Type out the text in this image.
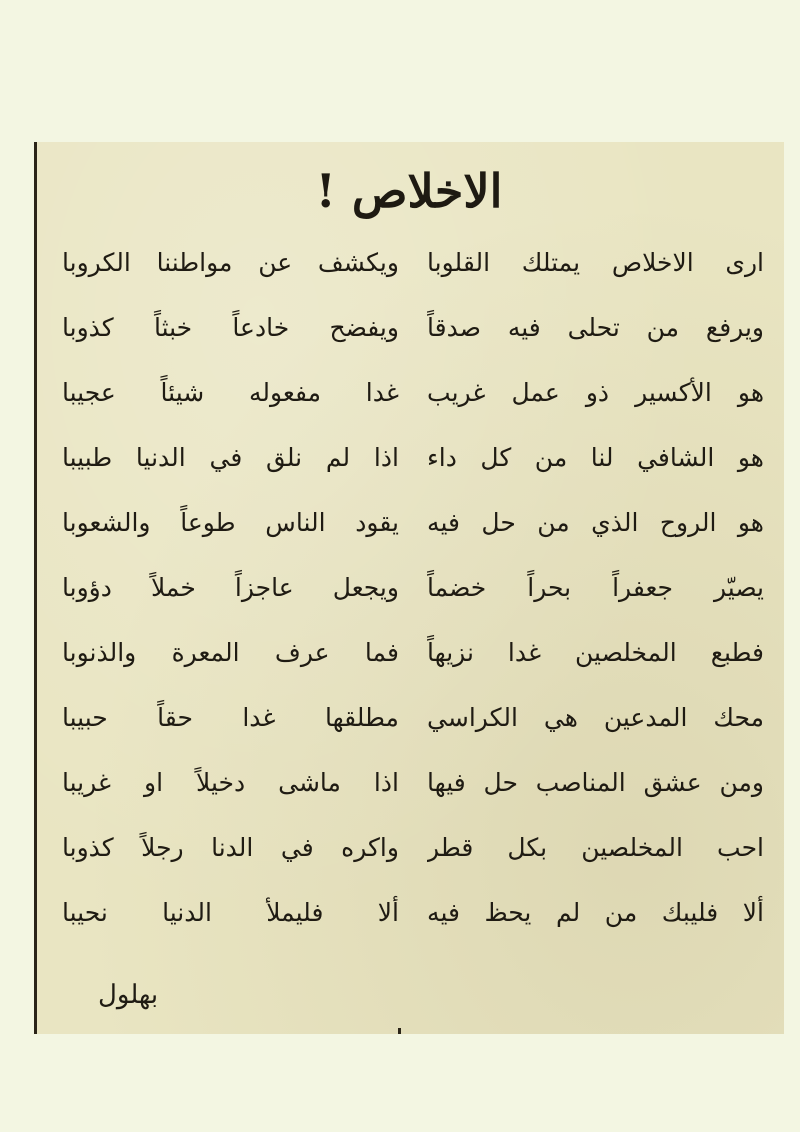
الاخلاص !
ارى الاخلاص يمتلك القلوبا
ويكشف عن مواطننا الكروبا
ويرفع من تحلى فيه صدقاً
ويفضح خادعاً خبثاً كذوبا
هو الأكسير ذو عمل غريب
غدا مفعوله شيئاً عجيبا
هو الشافي لنا من كل داء
اذا لم نلق في الدنيا طبيبا
هو الروح الذي من حل فيه
يقود الناس طوعاً والشعوبا
يصيّر جعفراً بحراً خضماً
ويجعل عاجزاً خملاً دؤوبا
فطبع المخلصين غدا نزيهاً
فما عرف المعرة والذنوبا
محك المدعين هي الكراسي
مطلقها غدا حقاً حبيبا
ومن عشق المناصب حل فيها
اذا ماشى دخيلاً او غريبا
احب المخلصين بكل قطر
واكره في الدنا رجلاً كذوبا
ألا فليبك من لم يحظ فيه
ألا فليملأ الدنيا نحيبا
بهلول
